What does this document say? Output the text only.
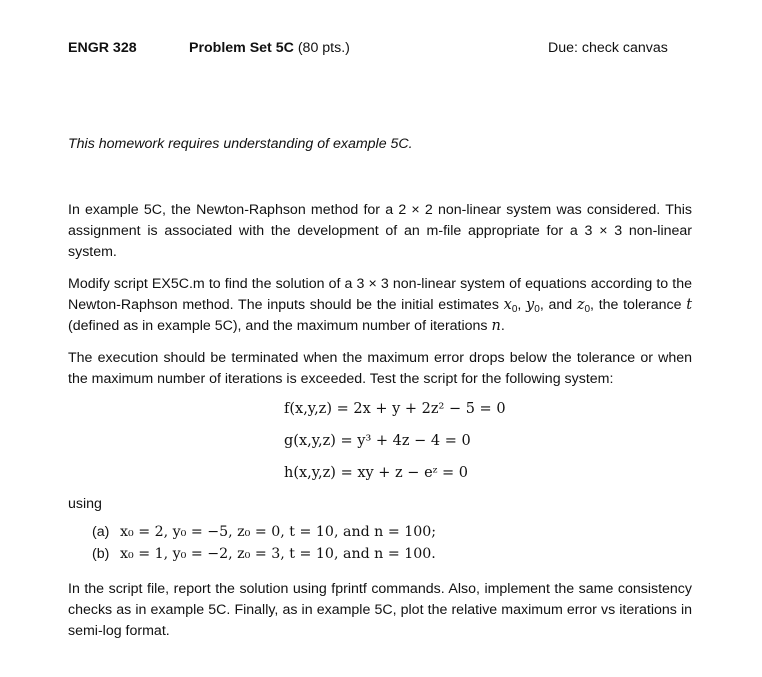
ENGR 328	Problem Set 5C (80 pts.)	Due: check canvas
This homework requires understanding of example 5C.
In example 5C, the Newton-Raphson method for a 2 × 2 non-linear system was considered. This assignment is associated with the development of an m-file appropriate for a 3 × 3 non-linear system.
Modify script EX5C.m to find the solution of a 3 × 3 non-linear system of equations according to the Newton-Raphson method. The inputs should be the initial estimates $x_0$, $y_0$, and $z_0$, the tolerance t (defined as in example 5C), and the maximum number of iterations n.
The execution should be terminated when the maximum error drops below the tolerance or when the maximum number of iterations is exceeded. Test the script for the following system:
f(x,y,z) = 2x + y + 2z² − 5 = 0
g(x,y,z) = y³ + 4z − 4 = 0
h(x,y,z) = xy + z − eᶻ = 0
using
(a) x₀ = 2, y₀ = −5, z₀ = 0, t = 10, and n = 100;
(b) x₀ = 1, y₀ = −2, z₀ = 3, t = 10, and n = 100.
In the script file, report the solution using fprintf commands. Also, implement the same consistency checks as in example 5C. Finally, as in example 5C, plot the relative maximum error vs iterations in semi-log format.
